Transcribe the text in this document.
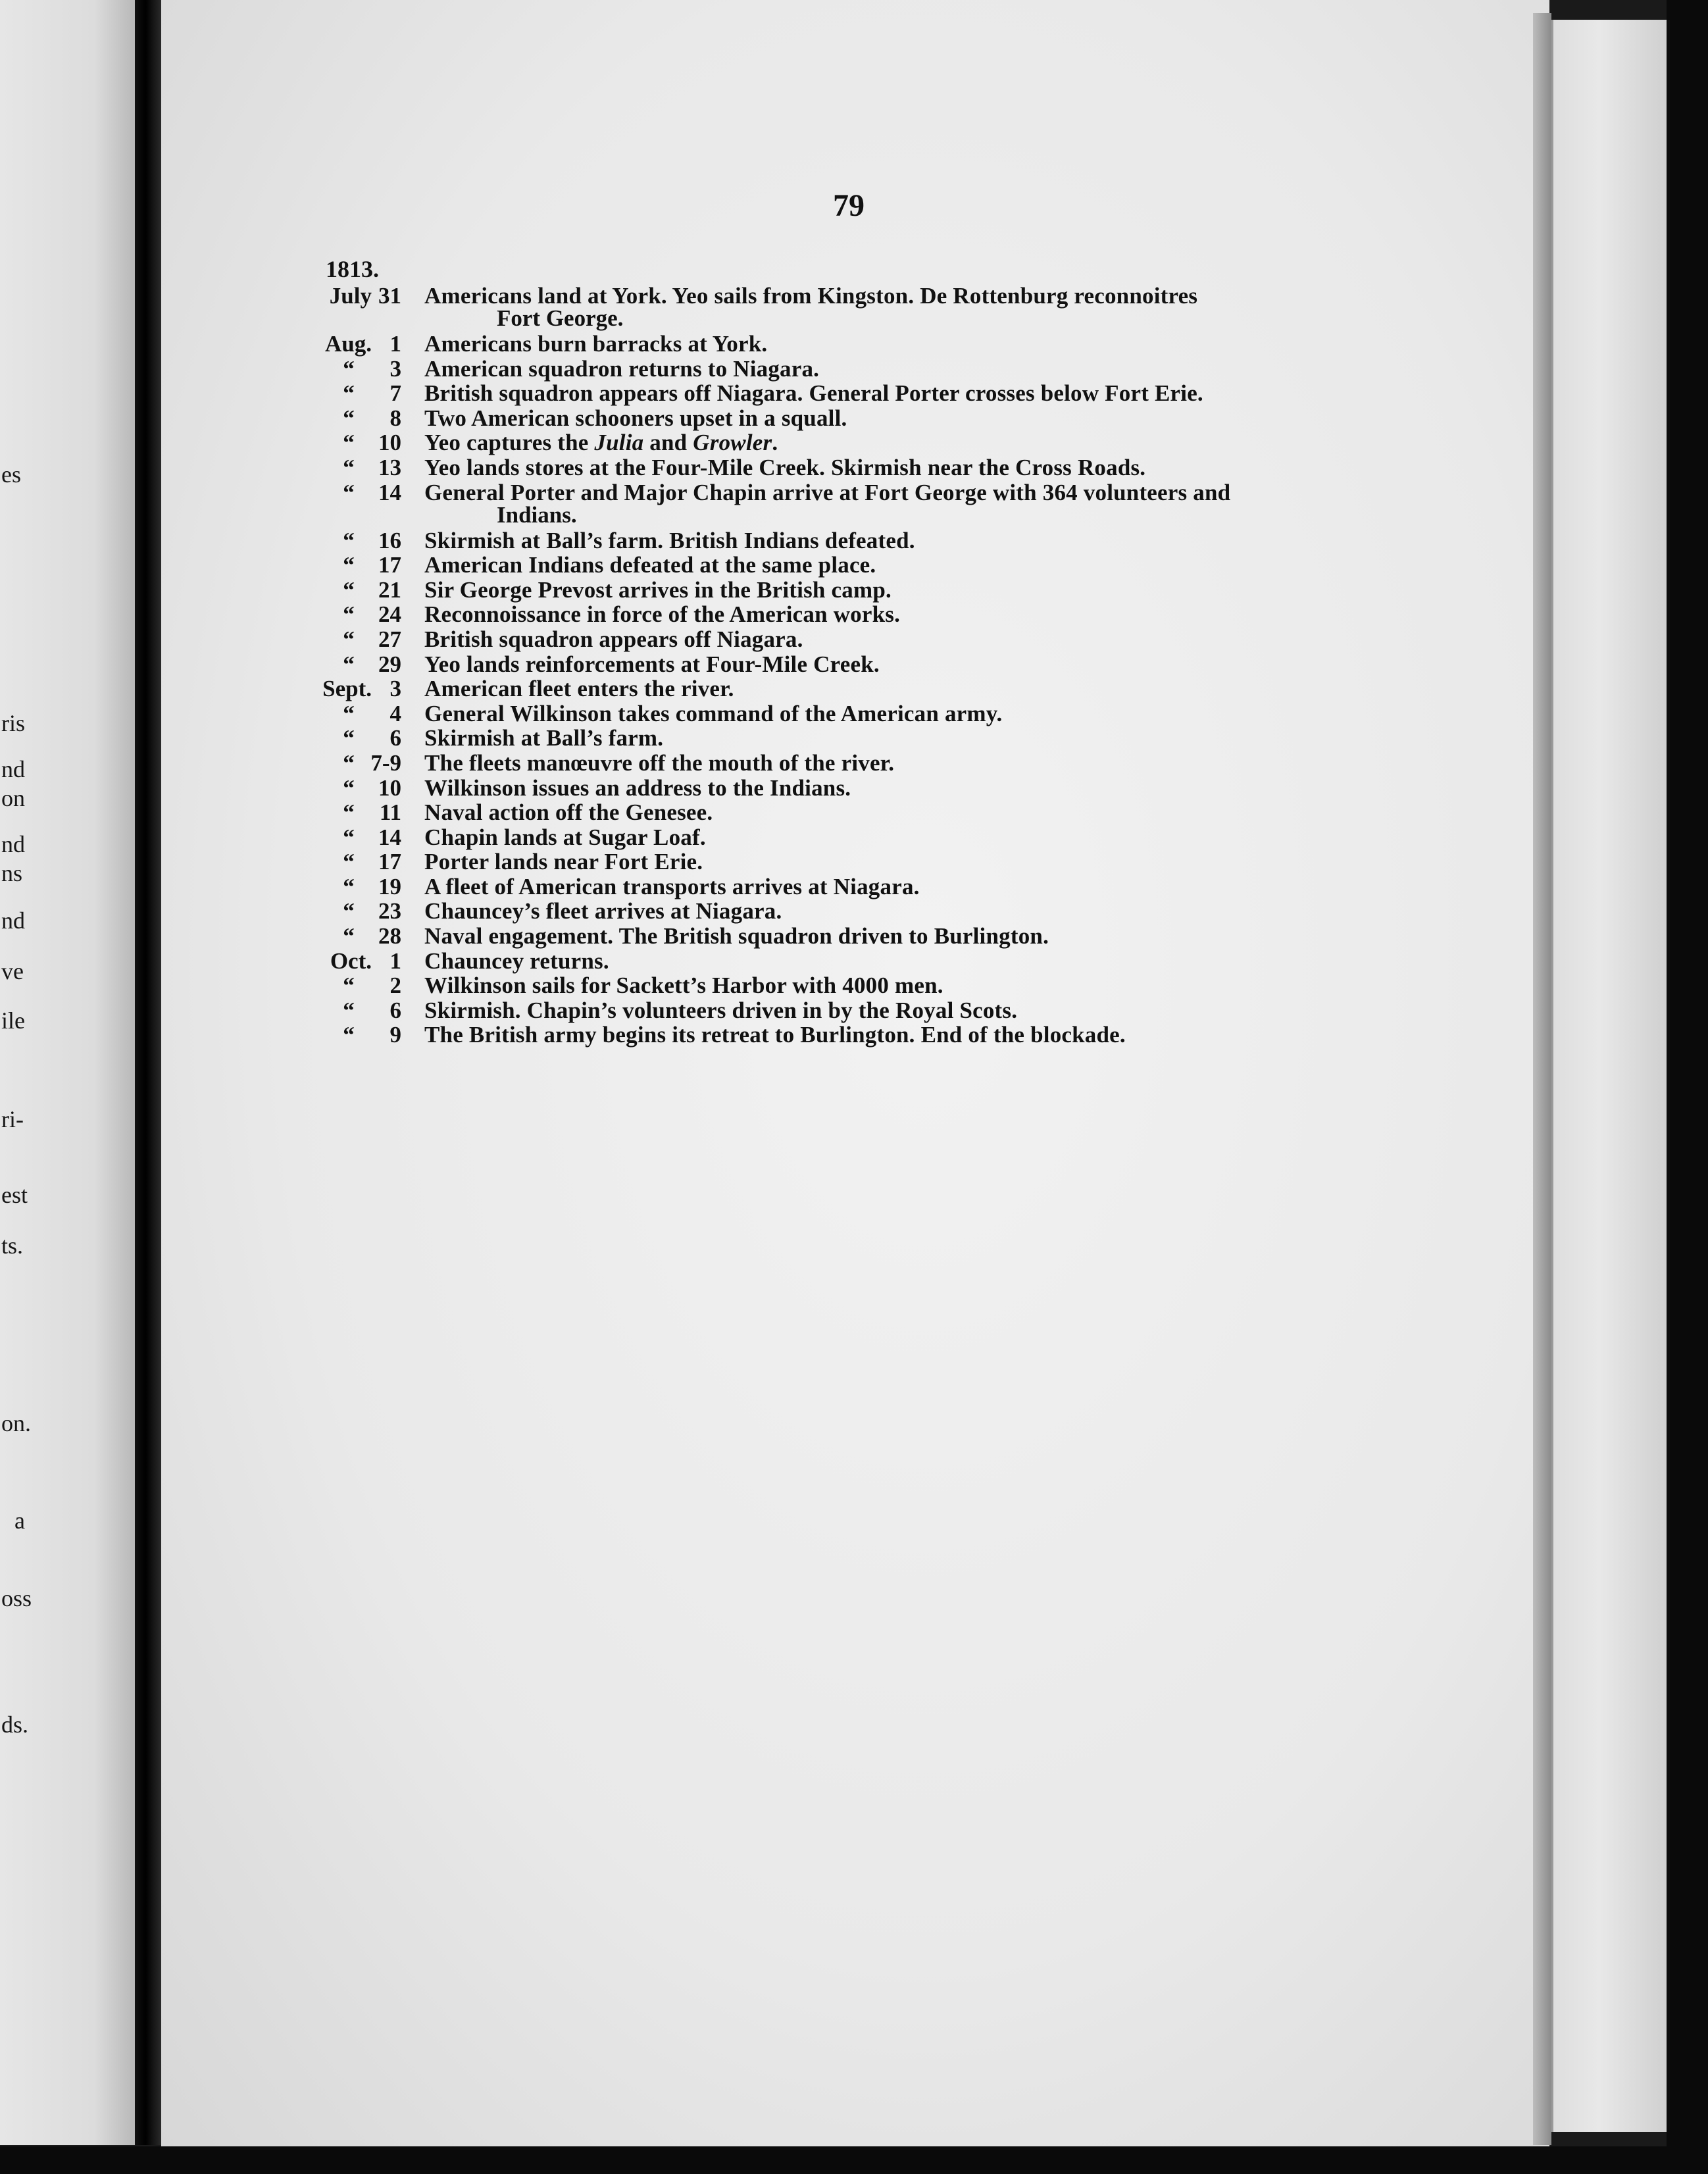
es
ris
nd
on
nd
ns
nd
ve
ile
ri-
est
ts.
on.
a
oss
ds.
79
1813.
July 31 Americans land at York. Yeo sails from Kingston. De Rottenburg reconnoitres
Fort George.
Aug. 1 Americans burn barracks at York.
“	3 American squadron returns to Niagara.
“	7 British squadron appears off Niagara. General Porter crosses below Fort Erie.
“	8 Two American schooners upset in a squall.
“	10 Yeo captures the Julia and Growler.
“	13 Yeo lands stores at the Four-Mile Creek. Skirmish near the Cross Roads.
“	14 General Porter and Major Chapin arrive at Fort George with 364 volunteers and
Indians.
“	16 Skirmish at Ball’s farm. British Indians defeated.
“	17 American Indians defeated at the same place.
“	21 Sir George Prevost arrives in the British camp.
“	24 Reconnoissance in force of the American works.
“	27 British squadron appears off Niagara.
“	29 Yeo lands reinforcements at Four-Mile Creek.
Sept. 3 American fleet enters the river.
“	4 General Wilkinson takes command of the American army.
“	6 Skirmish at Ball’s farm.
“ 7-9 The fleets manœuvre off the mouth of the river.
“	10 Wilkinson issues an address to the Indians.
“	11 Naval action off the Genesee.
“	14 Chapin lands at Sugar Loaf.
“	17 Porter lands near Fort Erie.
“	19 A fleet of American transports arrives at Niagara.
“	23 Chauncey’s fleet arrives at Niagara.
“	28 Naval engagement. The British squadron driven to Burlington.
Oct. 1 Chauncey returns.
“	2 Wilkinson sails for Sackett’s Harbor with 4000 men.
“	6 Skirmish. Chapin’s volunteers driven in by the Royal Scots.
“	9 The British army begins its retreat to Burlington. End of the blockade.
